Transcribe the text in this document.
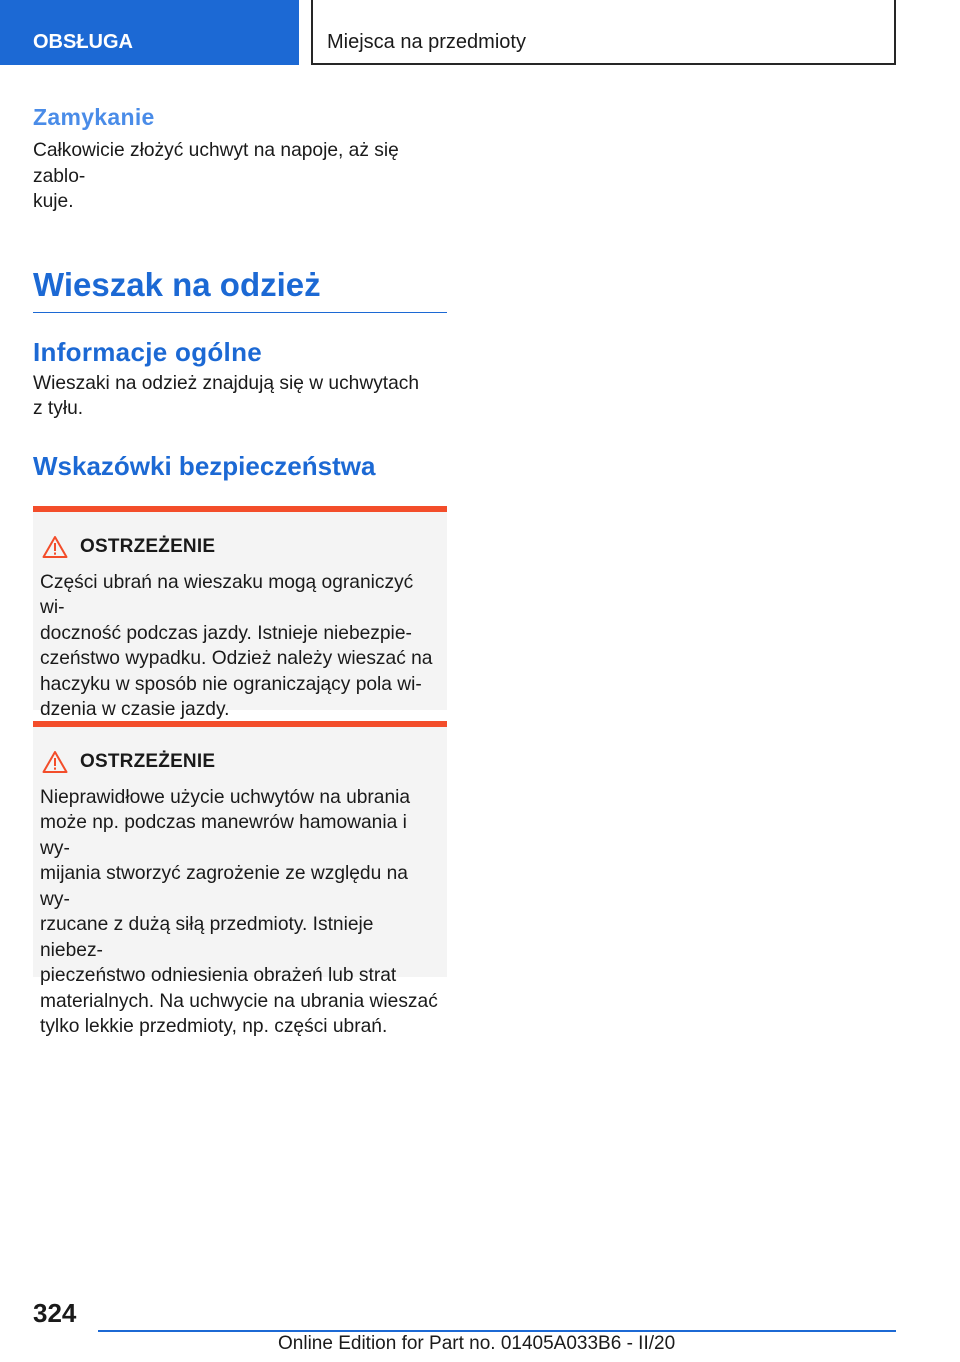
OBSŁUGA	Miejsca na przedmioty
Zamykanie

Całkowicie złożyć uchwyt na napoje, aż się zablo-
kuje.

Wieszak na odzież
Informacje ogólne

Wieszaki na odzież znajdują się w uchwytach
z tyłu.

Wskazówki bezpieczeństwa
OSTRZEŻENIE

Części ubrań na wieszaku mogą ograniczyć wi-
doczność podczas jazdy. Istnieje niebezpie-
czeństwo wypadku. Odzież należy wieszać na
haczyku w sposób nie ograniczający pola wi-
dzenia w czasie jazdy.

OSTRZEŻENIE

Nieprawidłowe użycie uchwytów na ubrania
może np. podczas manewrów hamowania i wy-
mijania stworzyć zagrożenie ze względu na wy-
rzucane z dużą siłą przedmioty. Istnieje niebez-
pieczeństwo odniesienia obrażeń lub strat
materialnych. Na uchwycie na ubrania wieszać
tylko lekkie przedmioty, np. części ubrań.

324
Online Edition for Part no. 01405A033B6 - II/20
